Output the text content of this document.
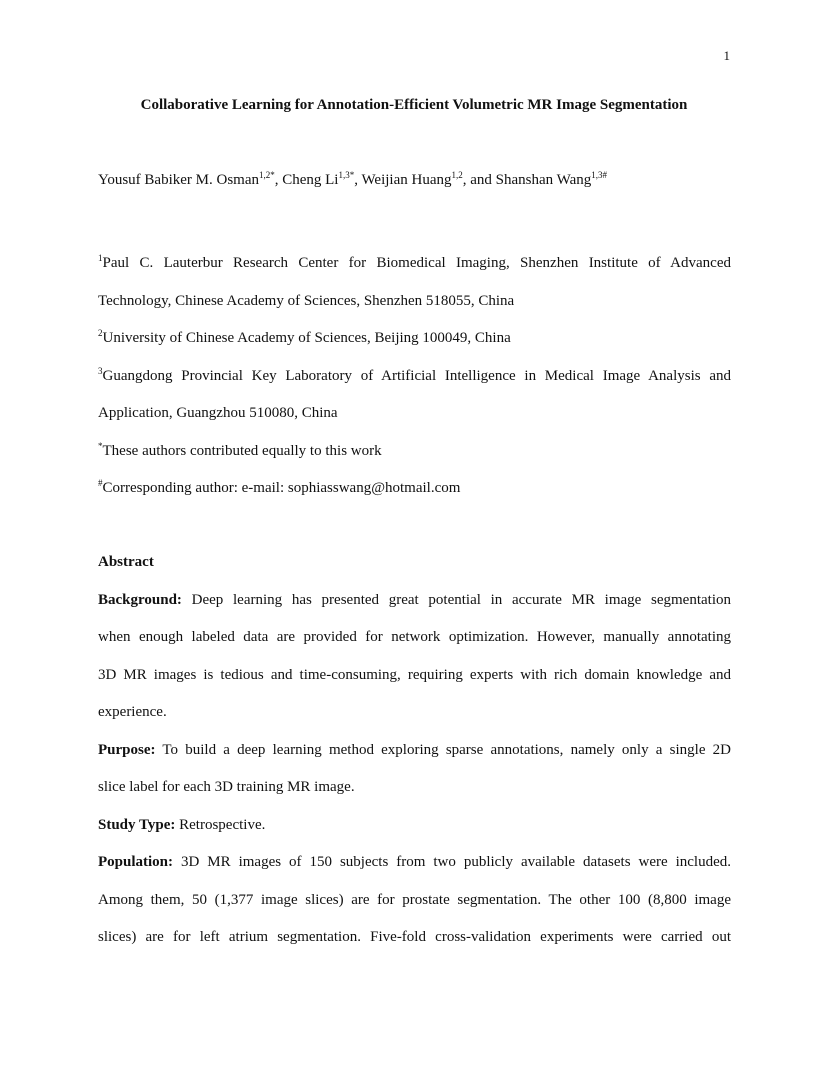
1
Collaborative Learning for Annotation-Efficient Volumetric MR Image Segmentation
Yousuf Babiker M. Osman$^{1,2*}$, Cheng $Li^{1,3*}$, Weijian Huang$^{1,2}$, and Shanshan Wang$^{1,3\#}$
$^1$Paul C. Lauterbur Research Center for Biomedical Imaging, Shenzhen Institute of Advanced
Technology, Chinese Academy of Sciences, Shenzhen 518055, China
$^2$University of Chinese Academy of Sciences, Beijing 100049, China
$^3$Guangdong Provincial Key Laboratory of Artificial Intelligence in Medical Image Analysis and
Application, Guangzhou 510080, China
*These authors contributed equally to this work
#Corresponding author: e-mail: sophiasswang@hotmail.com
Abstract
Background: Deep learning has presented great potential in accurate MR image segmentation
when enough labeled data are provided for network optimization. However, manually annotating
3D MR images is tedious and time-consuming, requiring experts with rich domain knowledge and
experience.
Purpose: To build a deep learning method exploring sparse annotations, namely only a single 2D
slice label for each 3D training MR image.
Study Type: Retrospective.
Population: 3D MR images of 150 subjects from two publicly available datasets were included.
Among them, 50 (1,377 image slices) are for prostate segmentation. The other 100 (8,800 image
slices) are for left atrium segmentation. Five-fold cross-validation experiments were carried out
